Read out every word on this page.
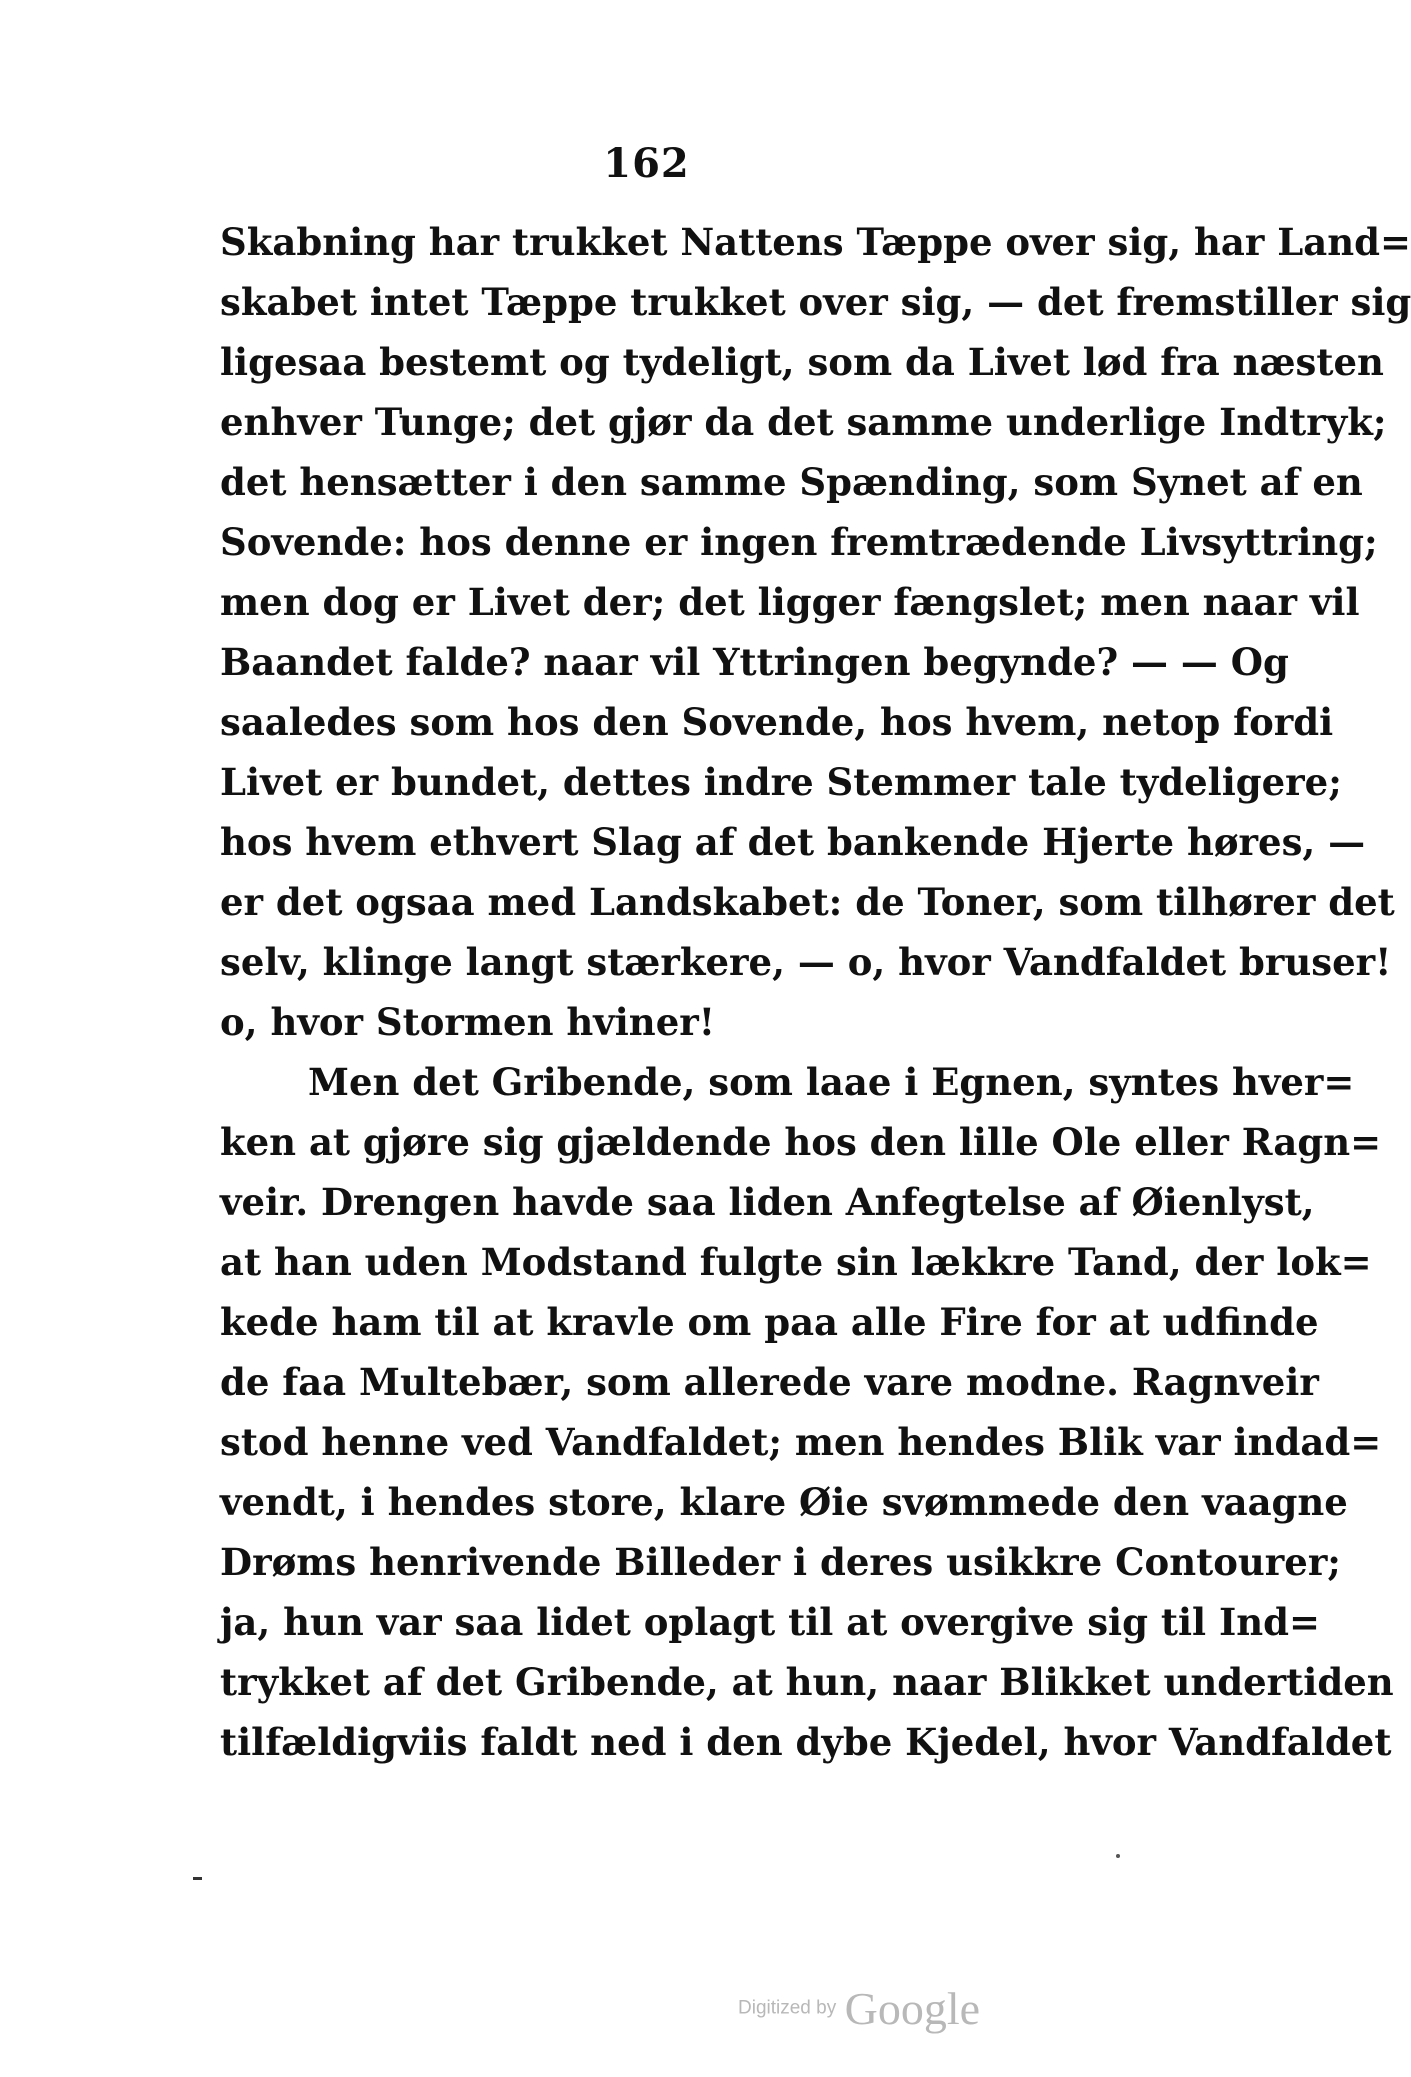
162
Skabning har trukket Nattens Tæppe over sig, har Land=
skabet intet Tæppe trukket over sig, — det fremstiller sig
ligesaa bestemt og tydeligt, som da Livet lød fra næsten
enhver Tunge; det gjør da det samme underlige Indtryk;
det hensætter i den samme Spænding, som Synet af en
Sovende: hos denne er ingen fremtrædende Livsyttring;
men dog er Livet der; det ligger fængslet; men naar vil
Baandet falde? naar vil Yttringen begynde? — — Og
saaledes som hos den Sovende, hos hvem, netop fordi
Livet er bundet, dettes indre Stemmer tale tydeligere;
hos hvem ethvert Slag af det bankende Hjerte høres, —
er det ogsaa med Landskabet: de Toner, som tilhører det
selv, klinge langt stærkere, — o, hvor Vandfaldet bruser!
o, hvor Stormen hviner!
Men det Gribende, som laae i Egnen, syntes hver=
ken at gjøre sig gjældende hos den lille Ole eller Ragn=
veir. Drengen havde saa liden Anfegtelse af Øienlyst,
at han uden Modstand fulgte sin lækkre Tand, der lok=
kede ham til at kravle om paa alle Fire for at udfinde
de faa Multebær, som allerede vare modne. Ragnveir
stod henne ved Vandfaldet; men hendes Blik var indad=
vendt, i hendes store, klare Øie svømmede den vaagne
Drøms henrivende Billeder i deres usikkre Contourer;
ja, hun var saa lidet oplagt til at overgive sig til Ind=
trykket af det Gribende, at hun, naar Blikket undertiden
tilfældigviis faldt ned i den dybe Kjedel, hvor Vandfaldet
Digitized by Google
